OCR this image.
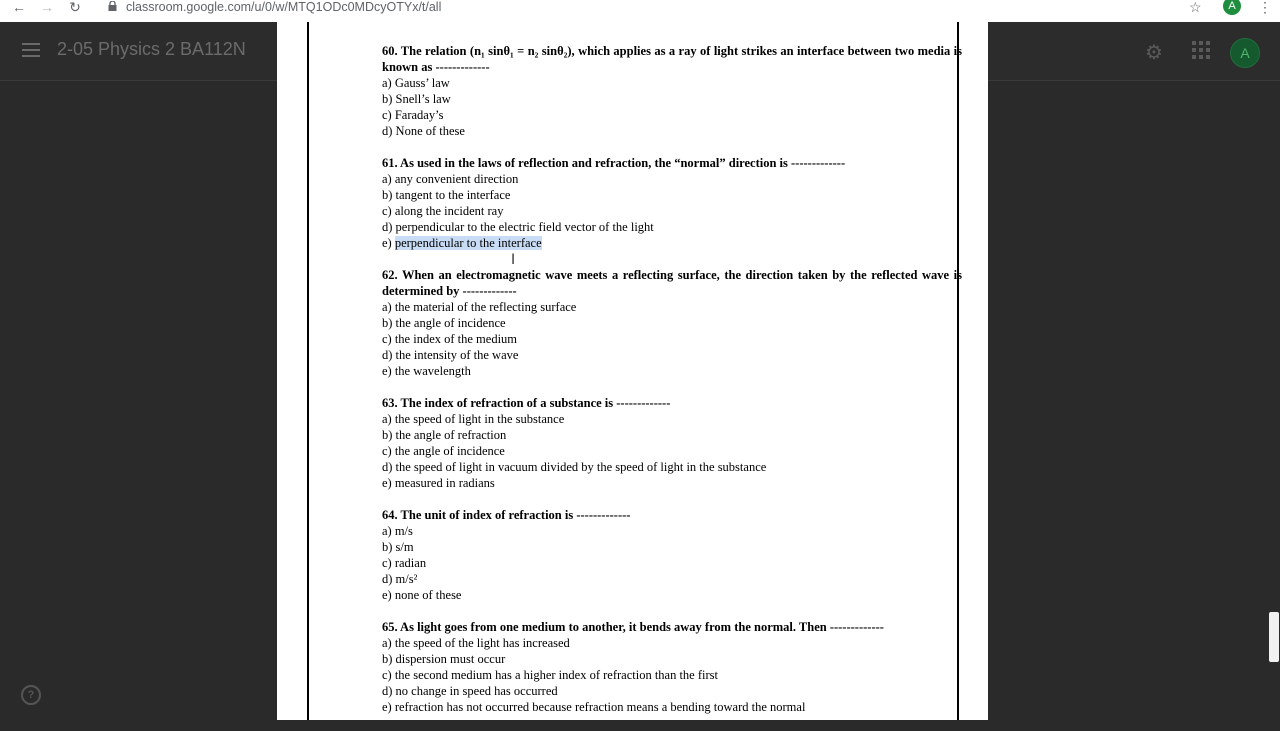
← → ↻	classroom.google.com/u/0/w/MTQ1ODc0MDcyOTYx/t/all	☆	A	⋮
2-05 Physics 2 BA112N	⚙	A
?

60. The relation (n₁ sinθ₁ = n₂ sinθ₂), which applies as a ray of light strikes an interface between two media is known as -------------

a) Gauss’ law

b) Snell’s law

c) Faraday’s

d) None of these

61. As used in the laws of reflection and refraction, the “normal” direction is -------------

a) any convenient direction

b) tangent to the interface

c) along the incident ray

d) perpendicular to the electric field vector of the light

e) perpendicular to the interface

62. When an electromagnetic wave meets a reflecting surface, the direction taken by the reflected wave is determined by -------------

a) the material of the reflecting surface

b) the angle of incidence

c) the index of the medium

d) the intensity of the wave

e) the wavelength

63. The index of refraction of a substance is -------------

a) the speed of light in the substance

b) the angle of refraction

c) the angle of incidence

d) the speed of light in vacuum divided by the speed of light in the substance

e) measured in radians

64. The unit of index of refraction is -------------

a) m/s

b) s/m

c) radian

d) m/s²

e) none of these

65. As light goes from one medium to another, it bends away from the normal. Then -------------

a) the speed of the light has increased

b) dispersion must occur

c) the second medium has a higher index of refraction than the first

d) no change in speed has occurred

e) refraction has not occurred because refraction means a bending toward the normal

I
